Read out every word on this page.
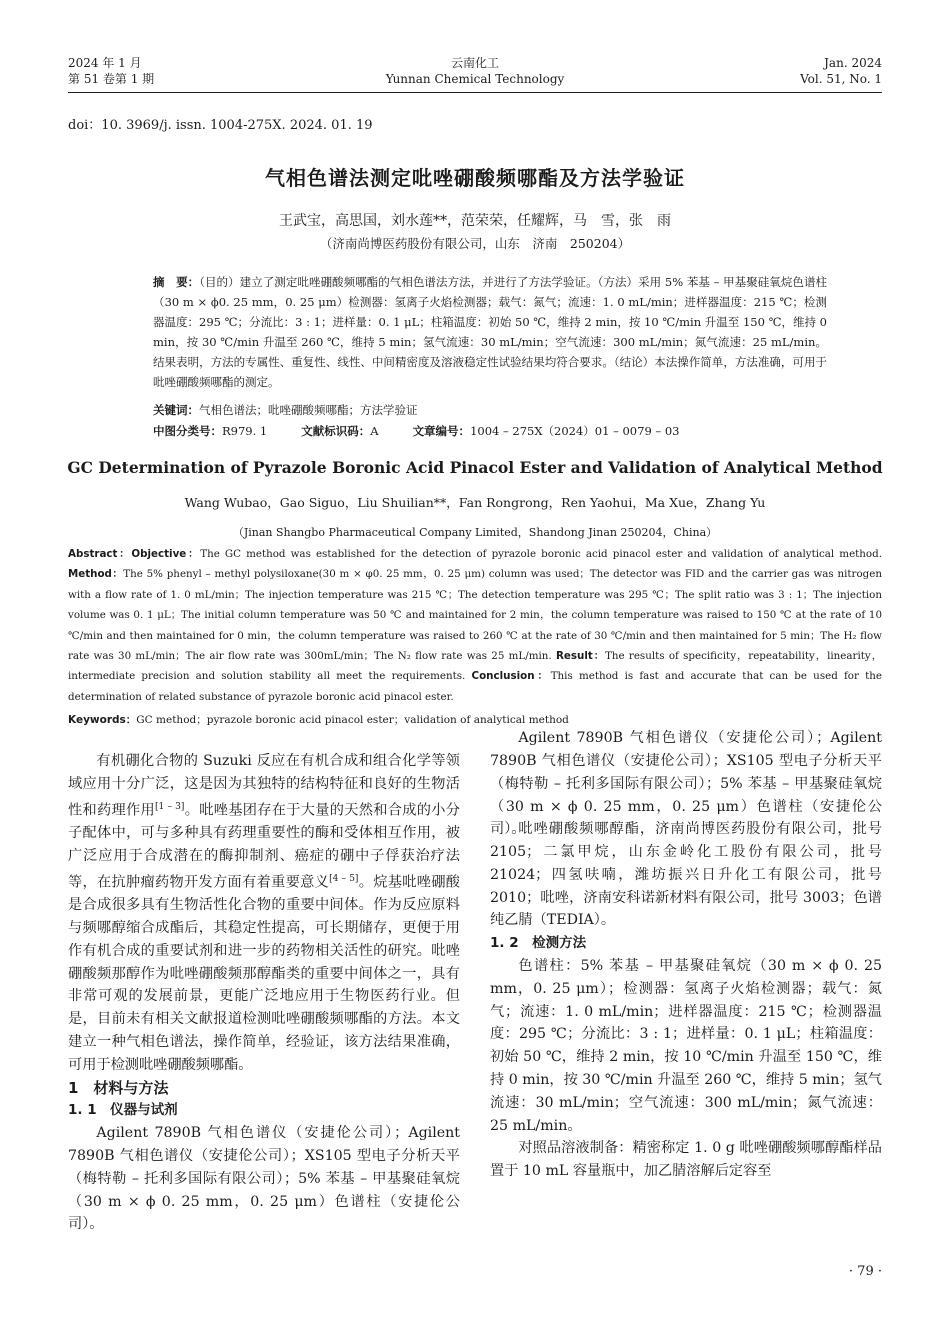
2024 年 1 月
第 51 卷第 1 期
云南化工
Yunnan Chemical Technology
Jan. 2024
Vol. 51, No. 1
doi：10. 3969/j. issn. 1004-275X. 2024. 01. 19
气相色谱法测定吡唑硼酸频哪酯及方法学验证
王武宝，高思国，刘水莲**，范荣荣，任耀辉，马　雪，张　雨
（济南尚博医药股份有限公司，山东　济南　250204）
摘　要：（目的）建立了测定吡唑硼酸频哪酯的气相色谱法方法，并进行了方法学验证。（方法）采用 5% 苯基 – 甲基聚硅氧烷色谱柱（30 m × ϕ0. 25 mm，0. 25 μm）检测器：氢离子火焰检测器；载气：氮气；流速：1. 0 mL/min；进样器温度：215 ℃；检测器温度：295 ℃；分流比：3 : 1；进样量：0. 1 μL；柱箱温度：初始 50 ℃，维持 2 min，按 10 ℃/min 升温至 150 ℃，维持 0 min，按 30 ℃/min 升温至 260 ℃，维持 5 min；氢气流速：30 mL/min；空气流速：300 mL/min；氮气流速：25 mL/min。结果表明，方法的专属性、重复性、线性、中间精密度及溶液稳定性试验结果均符合要求。（结论）本法操作简单，方法准确，可用于吡唑硼酸频哪酯的测定。
关键词：气相色谱法；吡唑硼酸频哪酯；方法学验证
中图分类号：R979. 1	文献标识码：A	文章编号：1004 – 275X（2024）01 – 0079 – 03
GC Determination of Pyrazole Boronic Acid Pinacol Ester and Validation of Analytical Method
Wang Wubao，Gao Siguo，Liu Shuilian**，Fan Rongrong，Ren Yaohui，Ma Xue，Zhang Yu
（Jinan Shangbo Pharmaceutical Company Limited，Shandong Jinan 250204，China）
Abstract：Objective：The GC method was established for the detection of pyrazole boronic acid pinacol ester and validation of analytical method. Method：The 5% phenyl – methyl polysiloxane(30 m × φ0. 25 mm，0. 25 μm) column was used；The detector was FID and the carrier gas was nitrogen with a flow rate of 1. 0 mL/min；The injection temperature was 215 ℃；The detection temperature was 295 ℃；The split ratio was 3 : 1；The injection volume was 0. 1 μL；The initial column temperature was 50 ℃ and maintained for 2 min，the column temperature was raised to 150 ℃ at the rate of 10 ℃/min and then maintained for 0 min，the column temperature was raised to 260 ℃ at the rate of 30 ℃/min and then maintained for 5 min；The H₂ flow rate was 30 mL/min；The air flow rate was 300mL/min；The N₂ flow rate was 25 mL/min. Result：The results of specificity，repeatability，linearity，intermediate precision and solution stability all meet the requirements. Conclusion：This method is fast and accurate that can be used for the determination of related substance of pyrazole boronic acid pinacol ester.
Keywords：GC method；pyrazole boronic acid pinacol ester；validation of analytical method

有机硼化合物的 Suzuki 反应在有机合成和组合化学等领域应用十分广泛，这是因为其独特的结构特征和良好的生物活性和药理作用[1 – 3]。吡唑基团存在于大量的天然和合成的小分子配体中，可与多种具有药理重要性的酶和受体相互作用，被广泛应用于合成潜在的酶抑制剂、癌症的硼中子俘获治疗法等，在抗肿瘤药物开发方面有着重要意义[4 – 5]。烷基吡唑硼酸是合成很多具有生物活性化合物的重要中间体。作为反应原料与频哪醇缩合成酯后，其稳定性提高，可长期储存，更便于用作有机合成的重要试剂和进一步的药物相关活性的研究。吡唑硼酸频那醇作为吡唑硼酸频那醇酯类的重要中间体之一，具有非常可观的发展前景，更能广泛地应用于生物医药行业。但是，目前未有相关文献报道检测吡唑硼酸频哪酯的方法。本文建立一种气相色谱法，操作简单，经验证，该方法结果准确，可用于检测吡唑硼酸频哪酯。

1　材料与方法

1. 1　仪器与试剂

Agilent 7890B 气相色谱仪（安捷伦公司）；Agilent 7890B 气相色谱仪（安捷伦公司）；XS105 型电子分析天平（梅特勒 – 托利多国际有限公司）；5% 苯基 – 甲基聚硅氧烷（30 m × ϕ 0. 25 mm，0. 25 μm）色谱柱（安捷伦公司）。

Agilent 7890B 气相色谱仪（安捷伦公司）；Agilent 7890B 气相色谱仪（安捷伦公司）；XS105 型电子分析天平（梅特勒 – 托利多国际有限公司）；5% 苯基 – 甲基聚硅氧烷（30 m × ϕ 0. 25 mm，0. 25 μm）色谱柱（安捷伦公司）。

吡唑硼酸频哪醇酯，济南尚博医药股份有限公司，批号 2105；二氯甲烷，山东金岭化工股份有限公司，批号 21024；四氢呋喃，潍坊振兴日升化工有限公司，批号 2010；吡唑，济南安科诺新材料有限公司，批号 3003；色谱纯乙腈（TEDIA）。

1. 2　检测方法

色谱柱：5% 苯基 – 甲基聚硅氧烷（30 m × ϕ 0. 25 mm，0. 25 μm）；检测器：氢离子火焰检测器；载气：氮气；流速：1. 0 mL/min；进样器温度：215 ℃；检测器温度：295 ℃；分流比：3 : 1；进样量：0. 1 μL；柱箱温度：初始 50 ℃，维持 2 min，按 10 ℃/min 升温至 150 ℃，维持 0 min，按 30 ℃/min 升温至 260 ℃，维持 5 min；氢气流速：30 mL/min；空气流速：300 mL/min；氮气流速：25 mL/min。

对照品溶液制备：精密称定 1. 0 g 吡唑硼酸频哪醇酯样品置于 10 mL 容量瓶中，加乙腈溶解后定容至

· 79 ·
